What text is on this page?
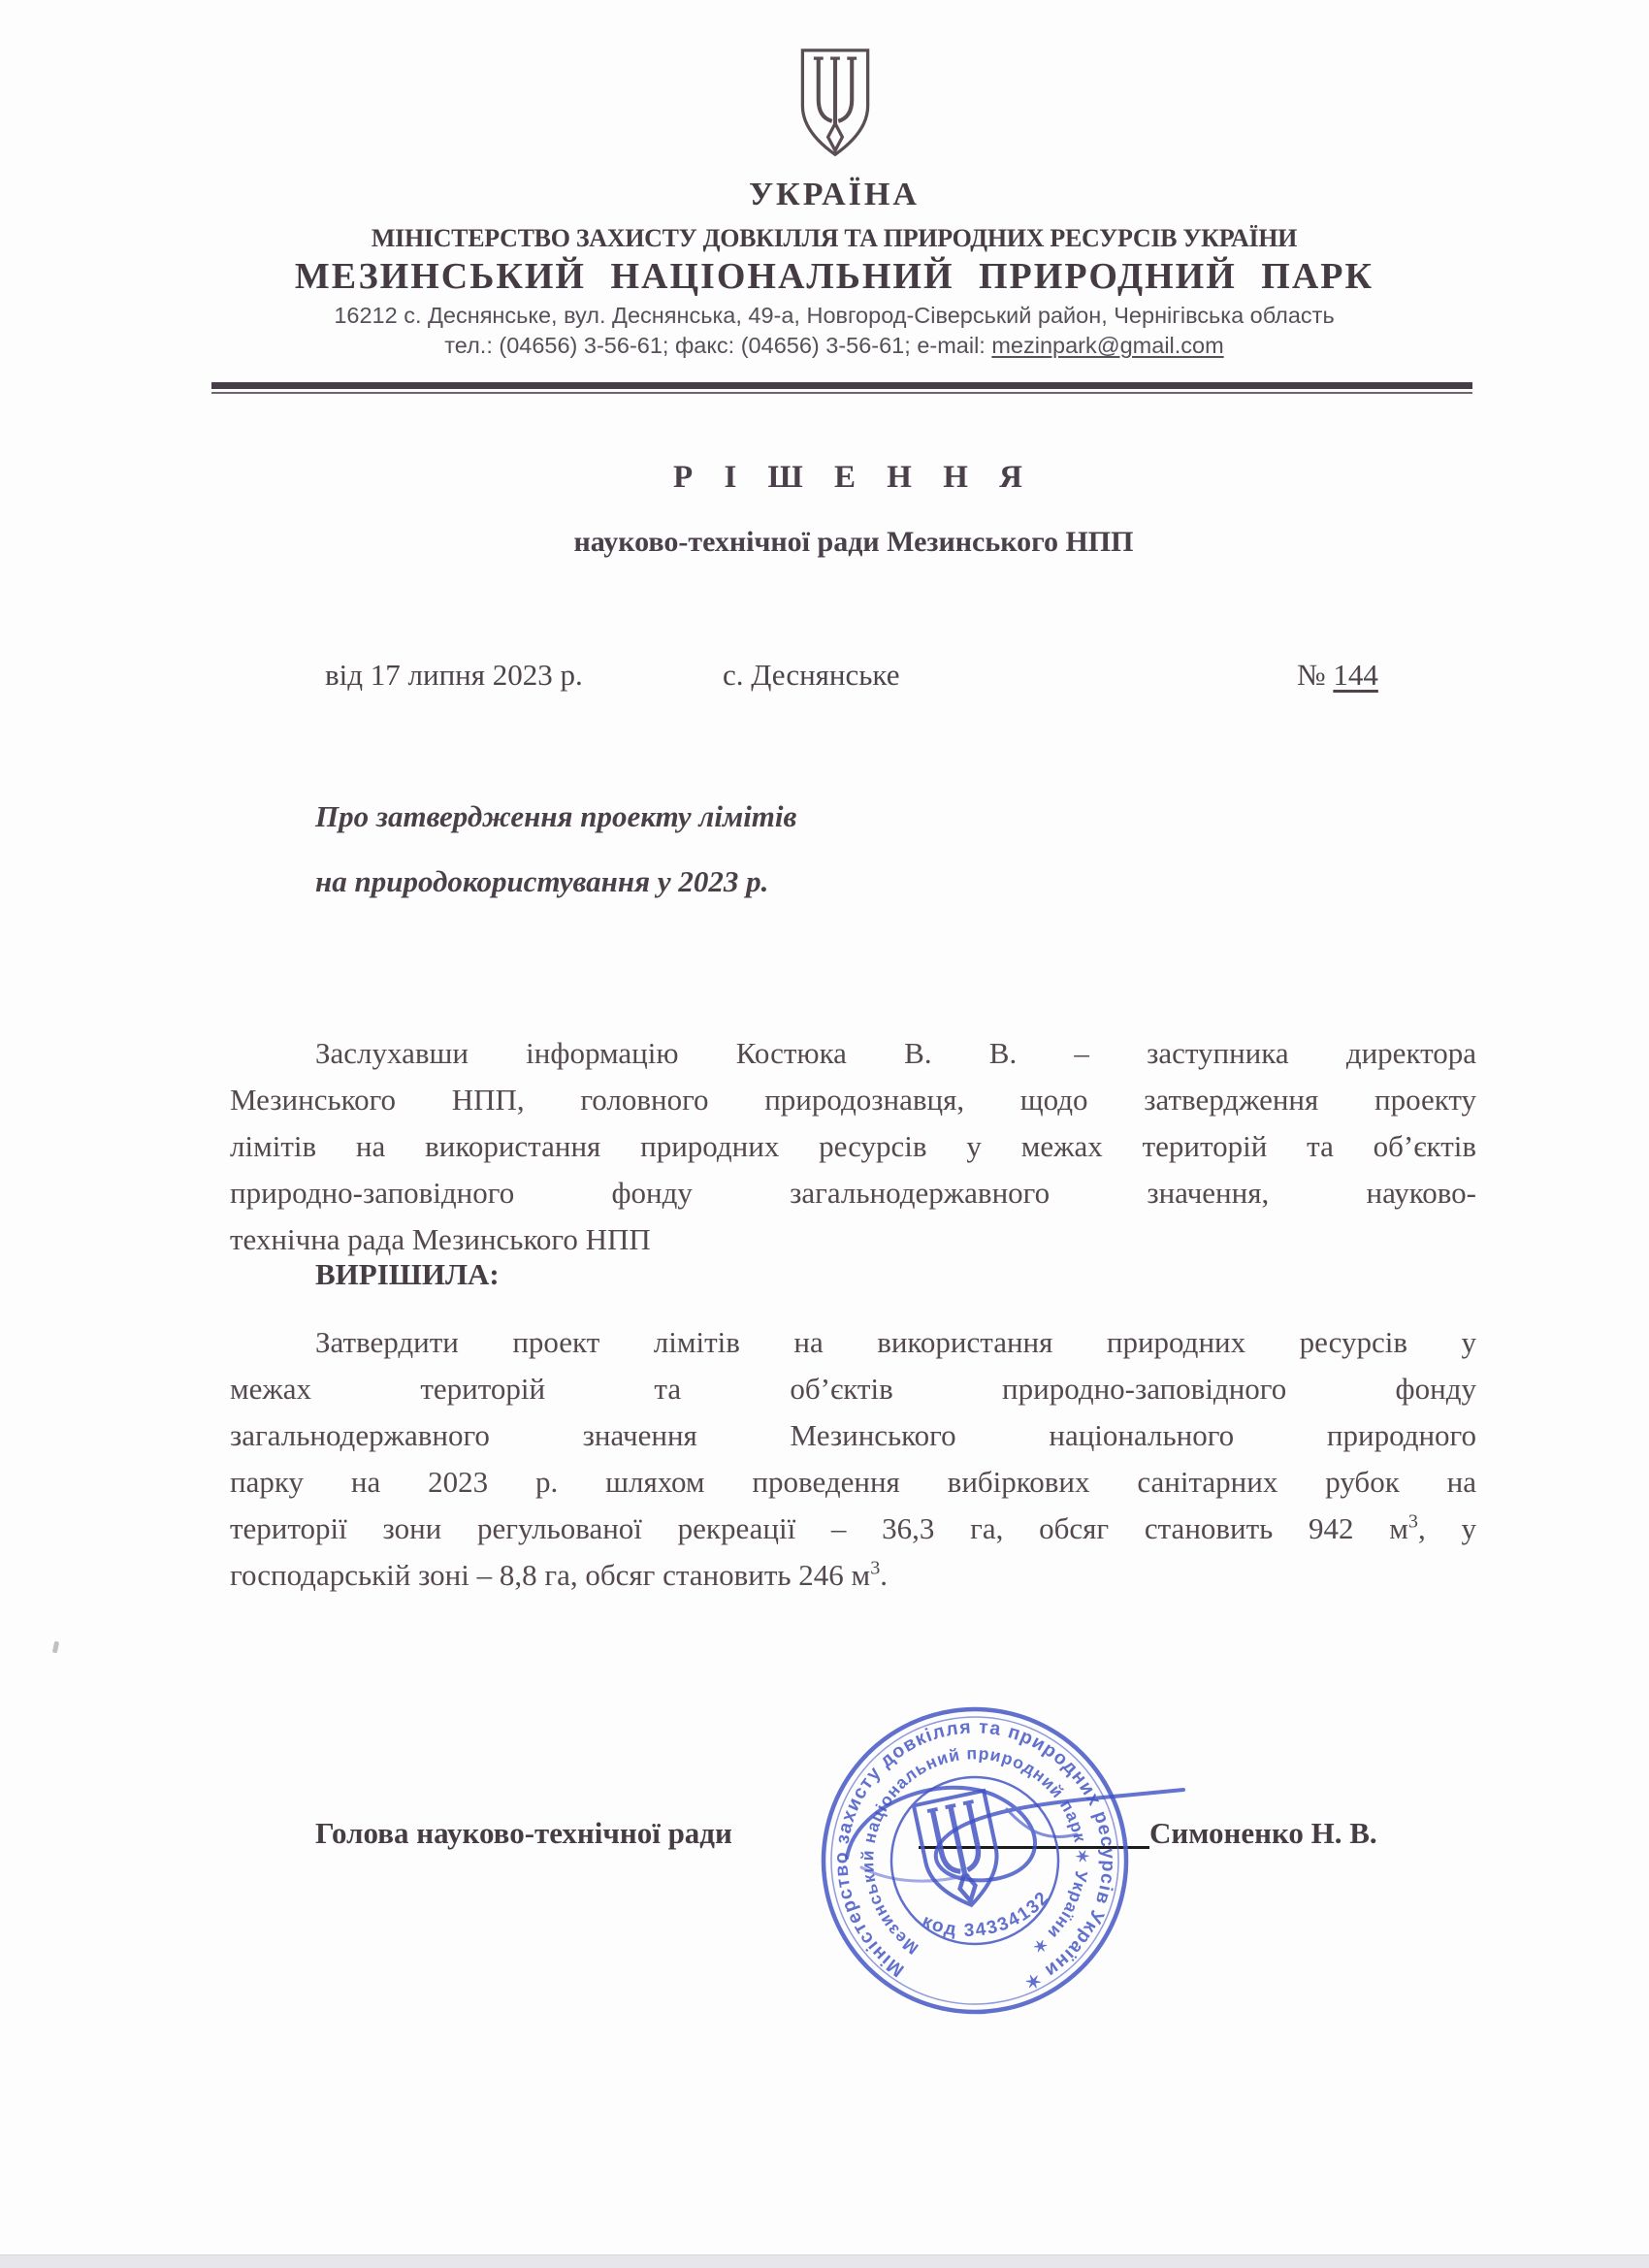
УКРАЇНА
МІНІСТЕРСТВО ЗАХИСТУ ДОВКІЛЛЯ ТА ПРИРОДНИХ РЕСУРСІВ УКРАЇНИ
МЕЗИНСЬКИЙ НАЦІОНАЛЬНИЙ ПРИРОДНИЙ ПАРК
16212 с. Деснянське, вул. Деснянська, 49-а, Новгород-Сіверський район, Чернігівська область
тел.: (04656) 3-56-61; факс: (04656) 3-56-61; e-mail: mezinpark@gmail.com
Р І Ш Е Н Н Я
науково-технічної ради Мезинського НПП
від 17 липня 2023 р.	с. Деснянське	№ 144
Про затвердження проекту лімітів
на природокористування у 2023 р.
Заслухавши інформацію Костюка В. В. – заступника директора
Мезинського НПП, головного природознавця, щодо затвердження проекту
лімітів на використання природних ресурсів у межах територій та об’єктів
природно-заповідного фонду загальнодержавного значення, науково-
технічна рада Мезинського НПП
ВИРІШИЛА:
Затвердити проект лімітів на використання природних ресурсів у
межах територій та об’єктів природно-заповідного фонду
загальнодержавного значення Мезинського національного природного
парку на 2023 р. шляхом проведення вибіркових санітарних рубок на
території зони регульованої рекреації – 36,3 га, обсяг становить 942 $м^3$, у
господарській зоні – 8,8 га, обсяг становить 246 $м^3$.
Голова науково-технічної ради	Симоненко Н. В.
Міністерство захисту довкілля та природних ресурсів України ✶
Мезинський національний природний парк ✶ України ✶
код 34334132
